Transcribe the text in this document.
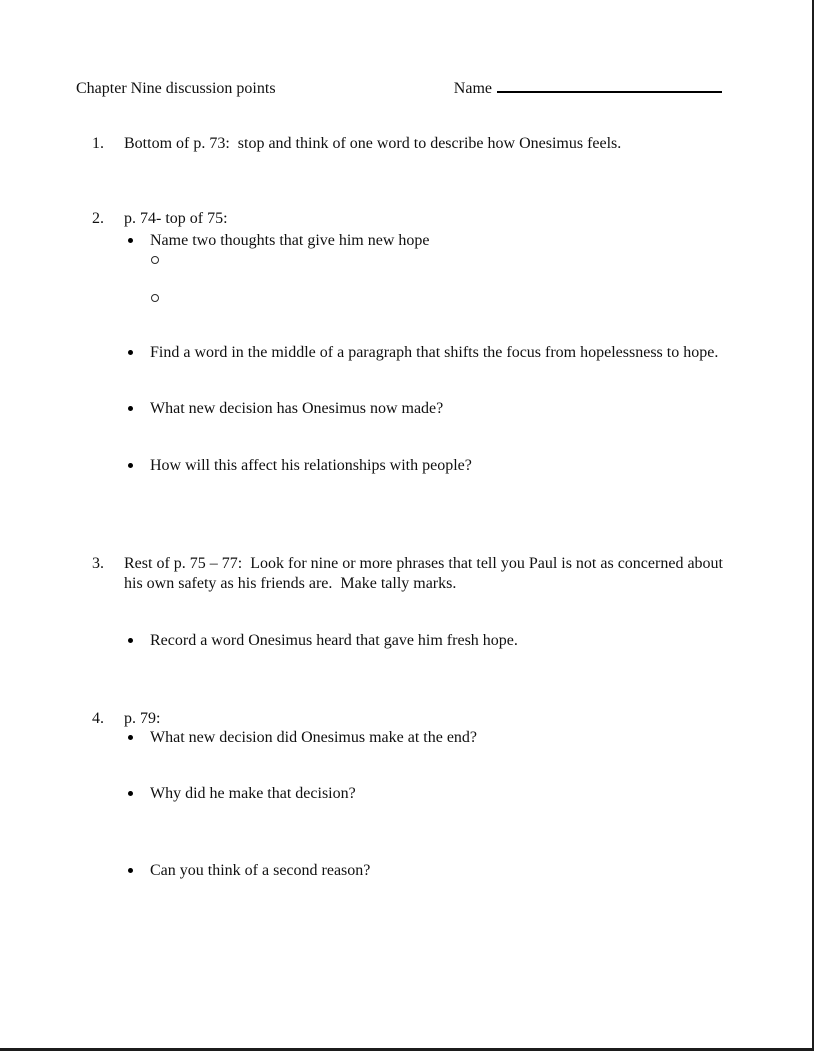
Chapter Nine discussion points	Name
1. Bottom of p. 73:  stop and think of one word to describe how Onesimus feels.
2. p. 74- top of 75:
Name two thoughts that give him new hope
Find a word in the middle of a paragraph that shifts the focus from hopelessness to hope.
What new decision has Onesimus now made?
How will this affect his relationships with people?
3. Rest of p. 75 – 77:  Look for nine or more phrases that tell you Paul is not as concerned about his own safety as his friends are.  Make tally marks.
Record a word Onesimus heard that gave him fresh hope.
4. p. 79:
What new decision did Onesimus make at the end?
Why did he make that decision?
Can you think of a second reason?
